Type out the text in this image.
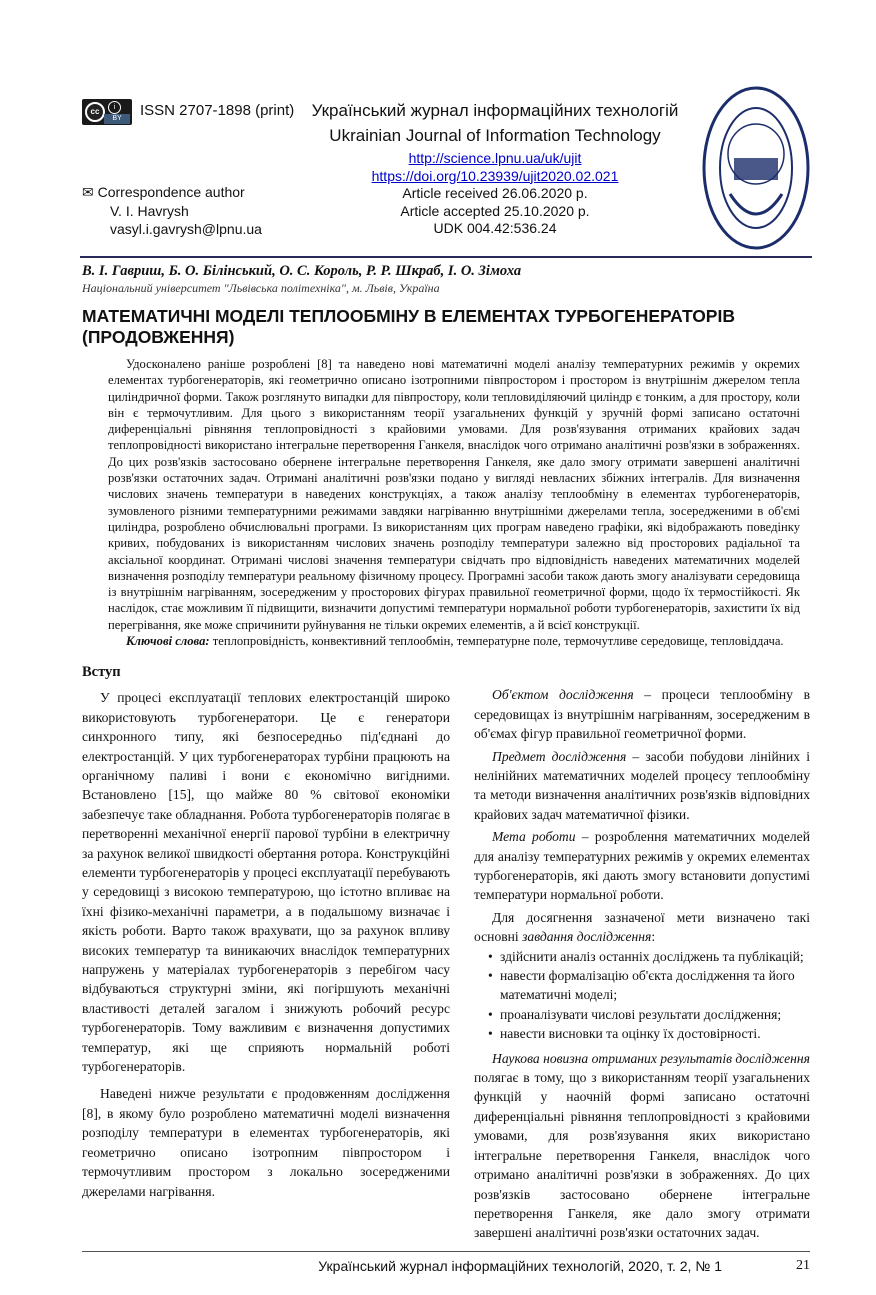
cc	i
BY	ISSN 2707-1898 (print)	Український журнал інформаційних технологій
Ukrainian Journal of Information Technology
http://science.lpnu.ua/uk/ujit
https://doi.org/10.23939/ujit2020.02.021
Article received 26.06.2020 p.
Article accepted 25.10.2020 p.
UDK 004.42:536.24
✉ Correspondence author
V. I. Havrysh
vasyl.i.gavrysh@lpnu.ua
В. І. Гавриш, Б. О. Білінський, О. С. Король, Р. Р. Шкраб, І. О. Зімоха
Національний університет "Львівська політехніка", м. Львів, Україна
МАТЕМАТИЧНІ МОДЕЛІ ТЕПЛООБМІНУ В ЕЛЕМЕНТАХ ТУРБОГЕНЕРАТОРІВ (ПРОДОВЖЕННЯ)

Удосконалено раніше розроблені [8] та наведено нові математичні моделі аналізу температурних режимів у окремих елементах турбогенераторів, які геометрично описано ізотропними півпростором і простором із внутрішнім джерелом тепла циліндричної форми. Також розглянуто випадки для півпростору, коли тепловиділяючий циліндр є тонким, а для простору, коли він є термочутливим. Для цього з використанням теорії узагальнених функцій у зручній формі записано остаточні диференціальні рівняння теплопровідності з крайовими умовами. Для розв'язування отриманих крайових задач теплопровідності використано інтегральне перетворення Ганкеля, внаслідок чого отримано аналітичні розв'язки в зображеннях. До цих розв'язків застосовано обернене інтегральне перетворення Ганкеля, яке дало змогу отримати завершені аналітичні розв'язки остаточних задач. Отримані аналітичні розв'язки подано у вигляді невласних збіжних інтегралів. Для визначення числових значень температури в наведених конструкціях, а також аналізу теплообміну в елементах турбогенераторів, зумовленого різними температурними режимами завдяки нагріванню внутрішніми джерелами тепла, зосередженими в об'ємі циліндра, розроблено обчислювальні програми. Із використанням цих програм наведено графіки, які відображають поведінку кривих, побудованих із використанням числових значень розподілу температури залежно від просторових радіальної та аксіальної координат. Отримані числові значення температури свідчать про відповідність наведених математичних моделей визначення розподілу температури реальному фізичному процесу. Програмні засоби також дають змогу аналізувати середовища із внутрішнім нагріванням, зосередженим у просторових фігурах правильної геометричної форми, щодо їх термостійкості. Як наслідок, стає можливим її підвищити, визначити допустимі температури нормальної роботи турбогенераторів, захистити їх від перегрівання, яке може спричинити руйнування не тільки окремих елементів, а й всієї конструкції.

Ключові слова: теплопровідність, конвективний теплообмін, температурне поле, термочутливе середовище, тепловіддача.

Вступ

У процесі експлуатації теплових електростанцій широко використовують турбогенератори. Це є генератори синхронного типу, які безпосередньо під'єднані до електростанцій. У цих турбогенераторах турбіни працюють на органічному паливі і вони є економічно вигідними. Встановлено [15], що майже 80 % світової економіки забезпечує таке обладнання. Робота турбогенераторів полягає в перетворенні механічної енергії парової турбіни в електричну за рахунок великої швидкості обертання ротора. Конструкційні елементи турбогенераторів у процесі експлуатації перебувають у середовищі з високою температурою, що істотно впливає на їхні фізико-механічні параметри, а в подальшому визначає і якість роботи. Варто також врахувати, що за рахунок впливу високих температур та виникаючих внаслідок температурних напружень у матеріалах турбогенераторів з перебігом часу відбуваються структурні зміни, які погіршують механічні властивості деталей загалом і знижують робочий ресурс турбогенераторів. Тому важливим є визначення допустимих температур, які ще сприяють нормальній роботі турбогенераторів.

Наведені нижче результати є продовженням дослідження [8], в якому було розроблено математичні моделі визначення розподілу температури в елементах турбогенераторів, які геометрично описано ізотропним півпростором і термочутливим простором з локально зосередженими джерелами нагрівання.

Об'єктом дослідження – процеси теплообміну в середовищах із внутрішнім нагріванням, зосередженим в об'ємах фігур правильної геометричної форми.

Предмет дослідження – засоби побудови лінійних і нелінійних математичних моделей процесу теплообміну та методи визначення аналітичних розв'язків відповідних крайових задач математичної фізики.

Мета роботи – розроблення математичних моделей для аналізу температурних режимів у окремих елементах турбогенераторів, які дають змогу встановити допустимі температури нормальної роботи.

Для досягнення зазначеної мети визначено такі основні завдання дослідження:

• здійснити аналіз останніх досліджень та публікацій;
• навести формалізацію об'єкта дослідження та його математичні моделі;
• проаналізувати числові результати дослідження;
• навести висновки та оцінку їх достовірності.

Наукова новизна отриманих результатів дослідження полягає в тому, що з використанням теорії узагальнених функцій у наочній формі записано остаточні диференціальні рівняння теплопровідності з крайовими умовами, для розв'язування яких використано інтегральне перетворення Ганкеля, внаслідок чого отримано аналітичні розв'язки в зображеннях. До цих розв'язків застосовано обернене інтегральне перетворення Ганкеля, яке дало змогу отримати завершені аналітичні розв'язки остаточних задач.

Український журнал інформаційних технологій, 2020, т. 2, № 1	21
